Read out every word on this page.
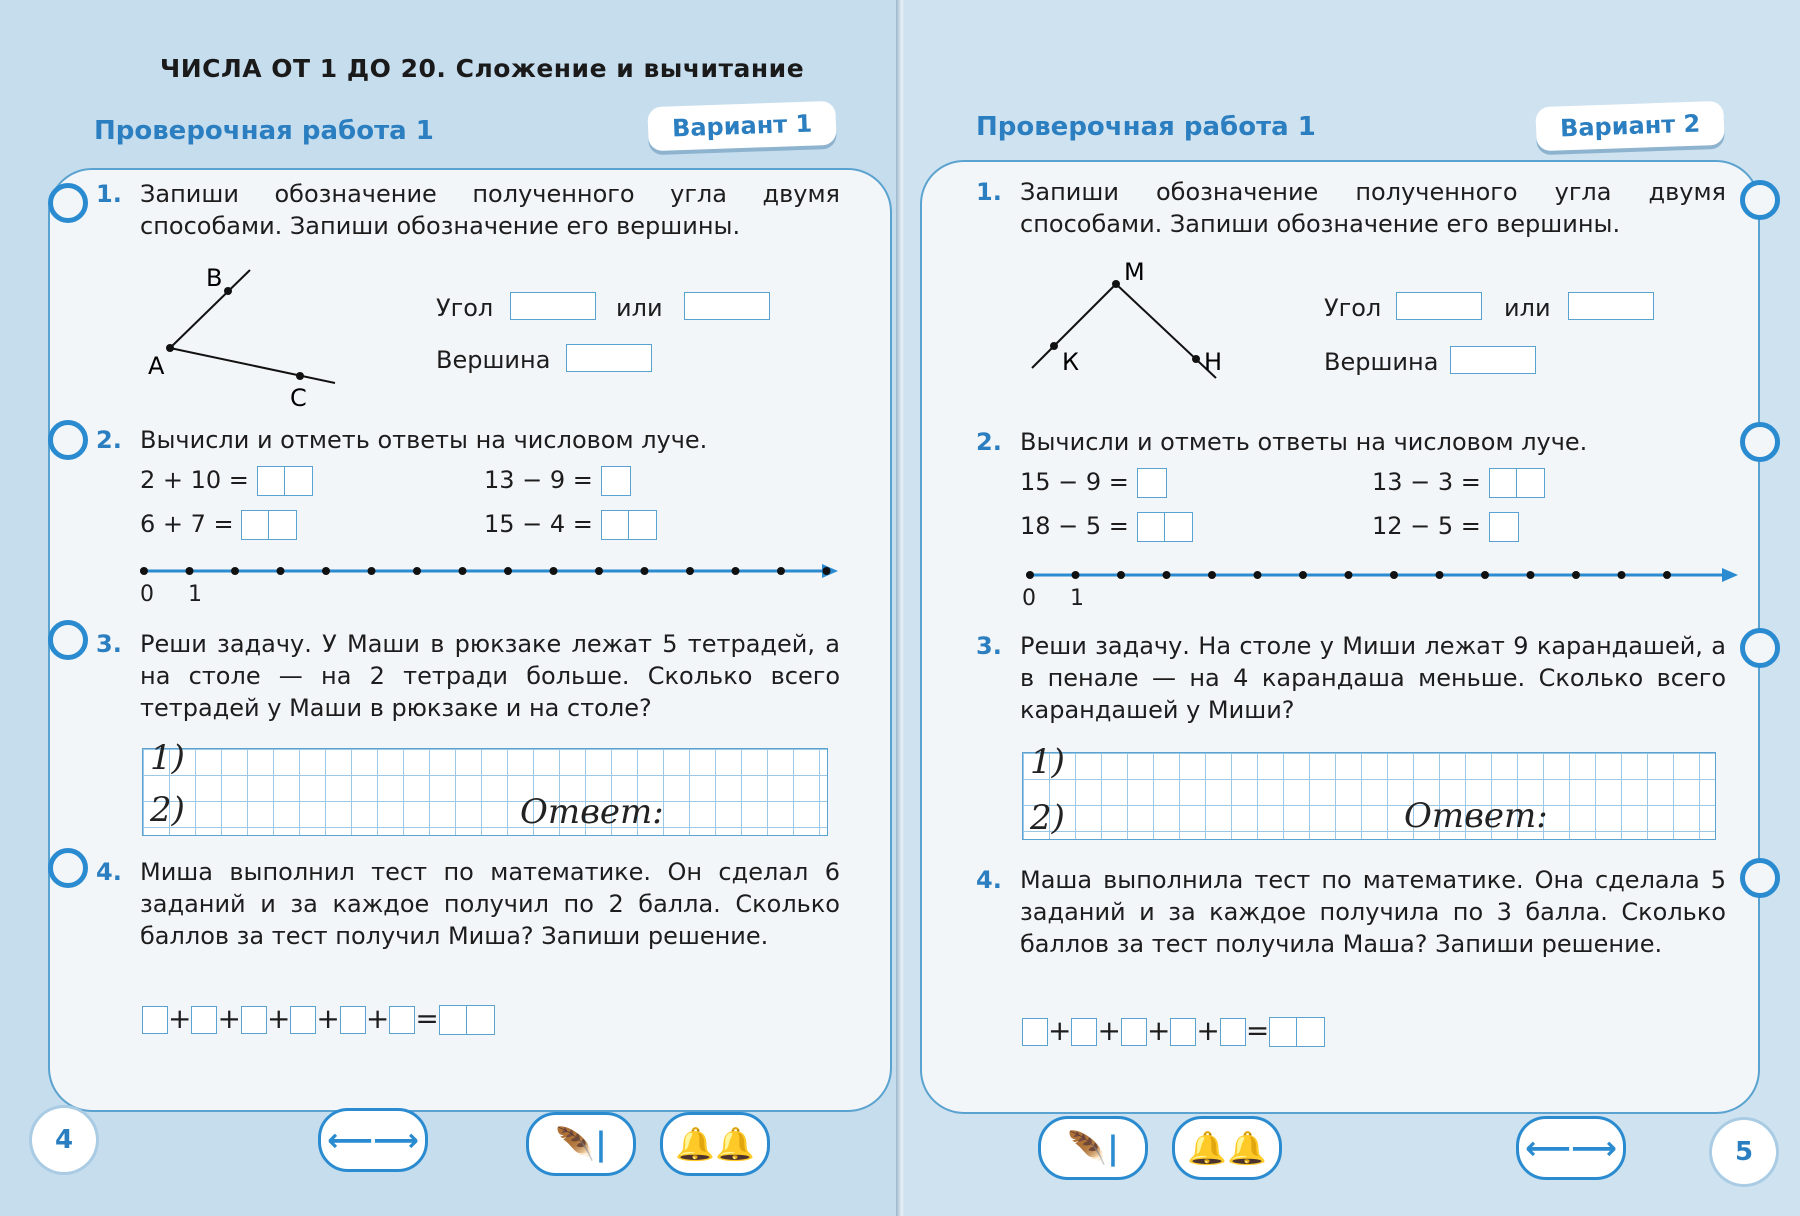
ЧИСЛА ОТ 1 ДО 20. Сложение и вычитание
Проверочная работа 1	Вариант 1
1. Запиши обозначение полученного угла двумя способами. Запиши обозначение его вершины.
B
A
C
Угол	или
Вершина
2. Вычисли и отметь ответы на числовом луче.
2 + 10 =	13 − 9 =
6 + 7 =	15 − 4 =
0 1
3. Реши задачу. У Маши в рюкзаке лежат 5 тетрадей, а на столе — на 2 тетради больше. Сколько всего тетрадей у Маши в рюкзаке и на столе?
1)
2)	Ответ:
4. Миша выполнил тест по математике. Он сделал 6 заданий и за каждое получил по 2 балла. Сколько баллов за тест получил Миша? Запиши решение.
+ + + + + =
4	⟵⟶	🪶|	🔔🔔
Проверочная работа 1	Вариант 2
1. Запиши обозначение полученного угла двумя способами. Запиши обозначение его вершины.
М
К	Н
Угол	или
Вершина
2. Вычисли и отметь ответы на числовом луче.
15 − 9 =	13 − 3 =
18 − 5 =	12 − 5 =
0 1
3. Реши задачу. На столе у Миши лежат 9 карандашей, а в пенале — на 4 карандаша меньше. Сколько всего карандашей у Миши?
1)
2)	Ответ:
4. Маша выполнила тест по математике. Она сделала 5 заданий и за каждое получила по 3 балла. Сколько баллов за тест получила Маша? Запиши решение.
+ + + + =
🪶|	🔔🔔	⟵⟶	5
